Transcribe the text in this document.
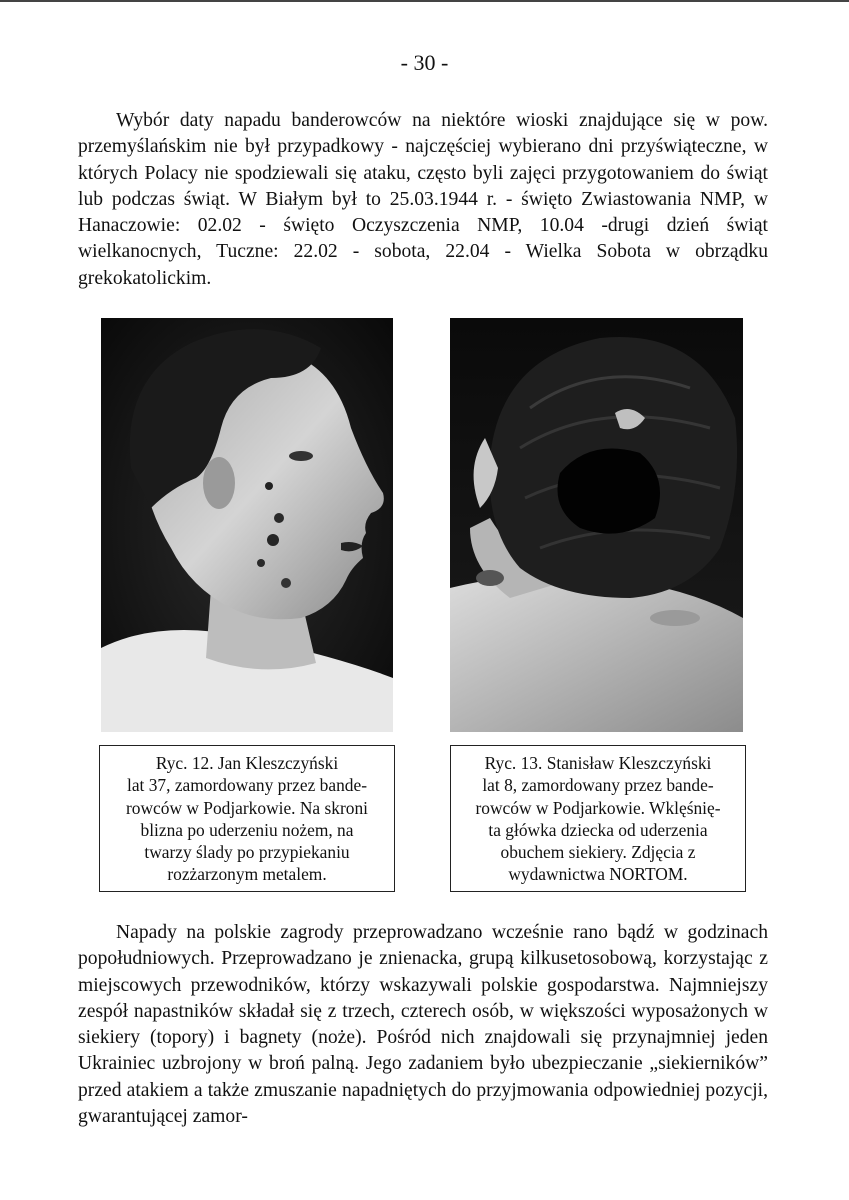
- 30 -
Wybór daty napadu banderowców na niektóre wioski znajdujące się w pow. przemyślańskim nie był przypadkowy - najczęściej wybierano dni przyświąteczne, w których Polacy nie spodziewali się ataku, często byli zajęci przygotowaniem do świąt lub podczas świąt. W Białym był to 25.03.1944 r. - święto Zwiastowania NMP, w Hanaczowie: 02.02 - święto Oczyszczenia NMP, 10.04 -drugi dzień świąt wielkanocnych, Tuczne: 22.02 - sobota, 22.04 - Wielka Sobota w obrządku grekokatolickim.
Ryc. 12. Jan Kleszczyński
lat 37, zamordowany przez bande-
rowców w Podjarkowie. Na skroni
blizna po uderzeniu nożem, na
twarzy ślady po przypiekaniu
rozżarzonym metalem.
Ryc. 13. Stanisław Kleszczyński
lat 8, zamordowany przez bande-
rowców w Podjarkowie. Wklęśnię-
ta główka dziecka od uderzenia
obuchem siekiery. Zdjęcia z
wydawnictwa NORTOM.
Napady na polskie zagrody przeprowadzano wcześnie rano bądź w godzinach popołudniowych. Przeprowadzano je znienacka, grupą kilkusetosobową, korzystając z miejscowych przewodników, którzy wskazywali polskie gospodarstwa. Najmniejszy zespół napastników składał się z trzech, czterech osób, w większości wyposażonych w siekiery (topory) i bagnety (noże). Pośród nich znajdowali się przynajmniej jeden Ukrainiec uzbrojony w broń palną. Jego zadaniem było ubezpieczanie „siekierników” przed atakiem a także zmuszanie napadniętych do przyjmowania odpowiedniej pozycji, gwarantującej zamor-
